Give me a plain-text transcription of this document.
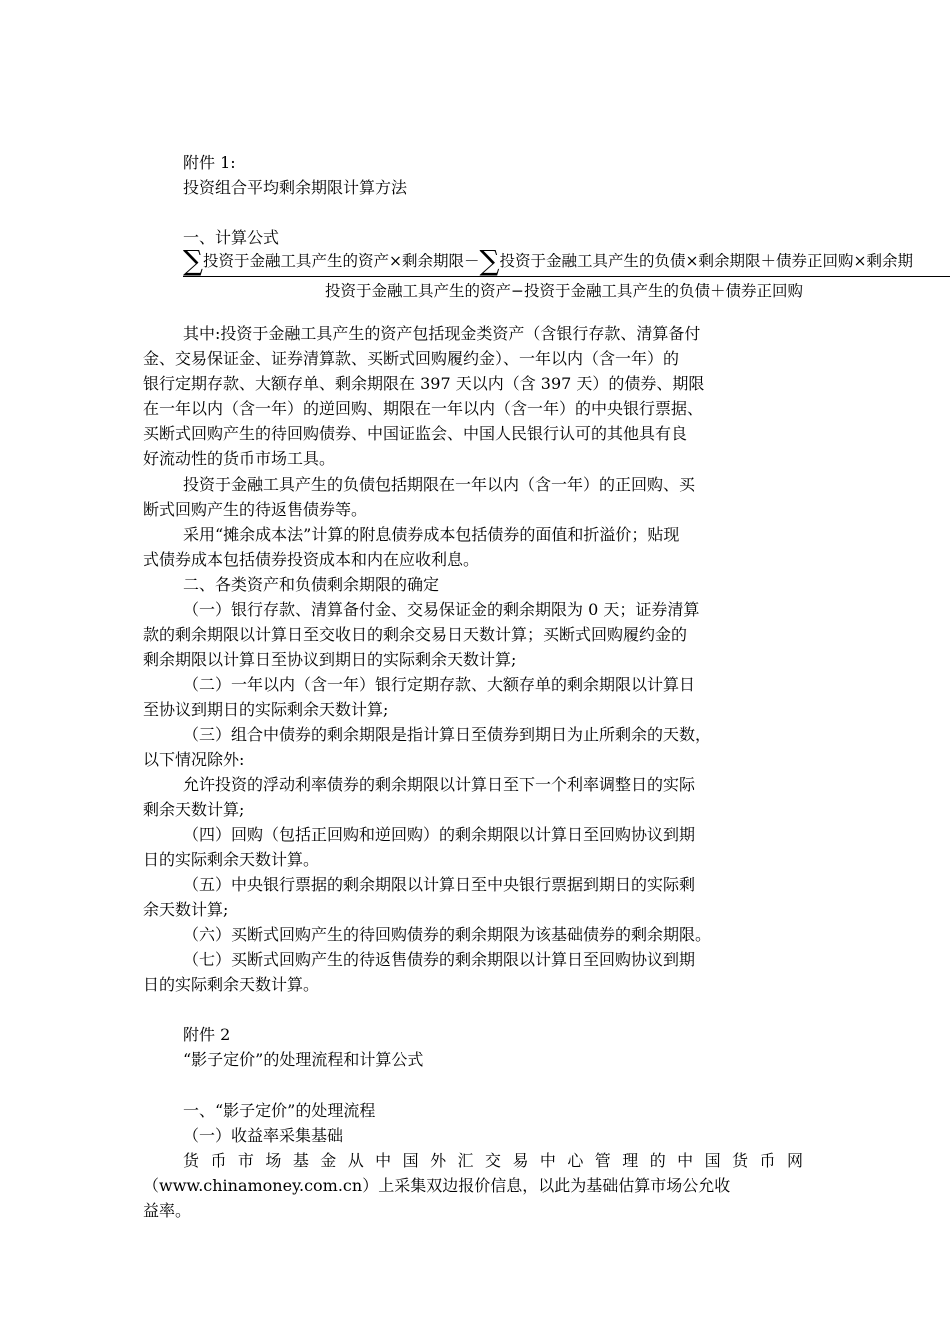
附件 1:
投资组合平均剩余期限计算方法
一、计算公式
∑投资于金融工具产生的资产×剩余期限－∑投资于金融工具产生的负债×剩余期限＋债券正回购×剩余期
投资于金融工具产生的资产−投资于金融工具产生的负债＋债券正回购
其中:投资于金融工具产生的资产包括现金类资产（含银行存款、清算备付
金、交易保证金、证券清算款、买断式回购履约金）、一年以内（含一年）的
银行定期存款、大额存单、剩余期限在 397 天以内（含 397 天）的债券、期限
在一年以内（含一年）的逆回购、期限在一年以内（含一年）的中央银行票据、
买断式回购产生的待回购债券、中国证监会、中国人民银行认可的其他具有良
好流动性的货币市场工具。
投资于金融工具产生的负债包括期限在一年以内（含一年）的正回购、买
断式回购产生的待返售债券等。
采用“摊余成本法”计算的附息债券成本包括债券的面值和折溢价；贴现
式债券成本包括债券投资成本和内在应收利息。
二、各类资产和负债剩余期限的确定
（一）银行存款、清算备付金、交易保证金的剩余期限为 0 天；证券清算
款的剩余期限以计算日至交收日的剩余交易日天数计算；买断式回购履约金的
剩余期限以计算日至协议到期日的实际剩余天数计算;
（二）一年以内（含一年）银行定期存款、大额存单的剩余期限以计算日
至协议到期日的实际剩余天数计算;
（三）组合中债券的剩余期限是指计算日至债券到期日为止所剩余的天数，
以下情况除外:
允许投资的浮动利率债券的剩余期限以计算日至下一个利率调整日的实际
剩余天数计算;
（四）回购（包括正回购和逆回购）的剩余期限以计算日至回购协议到期
日的实际剩余天数计算。
（五）中央银行票据的剩余期限以计算日至中央银行票据到期日的实际剩
余天数计算;
（六）买断式回购产生的待回购债券的剩余期限为该基础债券的剩余期限。
（七）买断式回购产生的待返售债券的剩余期限以计算日至回购协议到期
日的实际剩余天数计算。
附件 2
“影子定价”的处理流程和计算公式
一、“影子定价”的处理流程
（一）收益率采集基础
货 币 市 场 基 金 从 中 国 外 汇 交 易 中 心 管 理 的 中 国 货 币 网
（www.chinamoney.com.cn）上采集双边报价信息，以此为基础估算市场公允收
益率。
